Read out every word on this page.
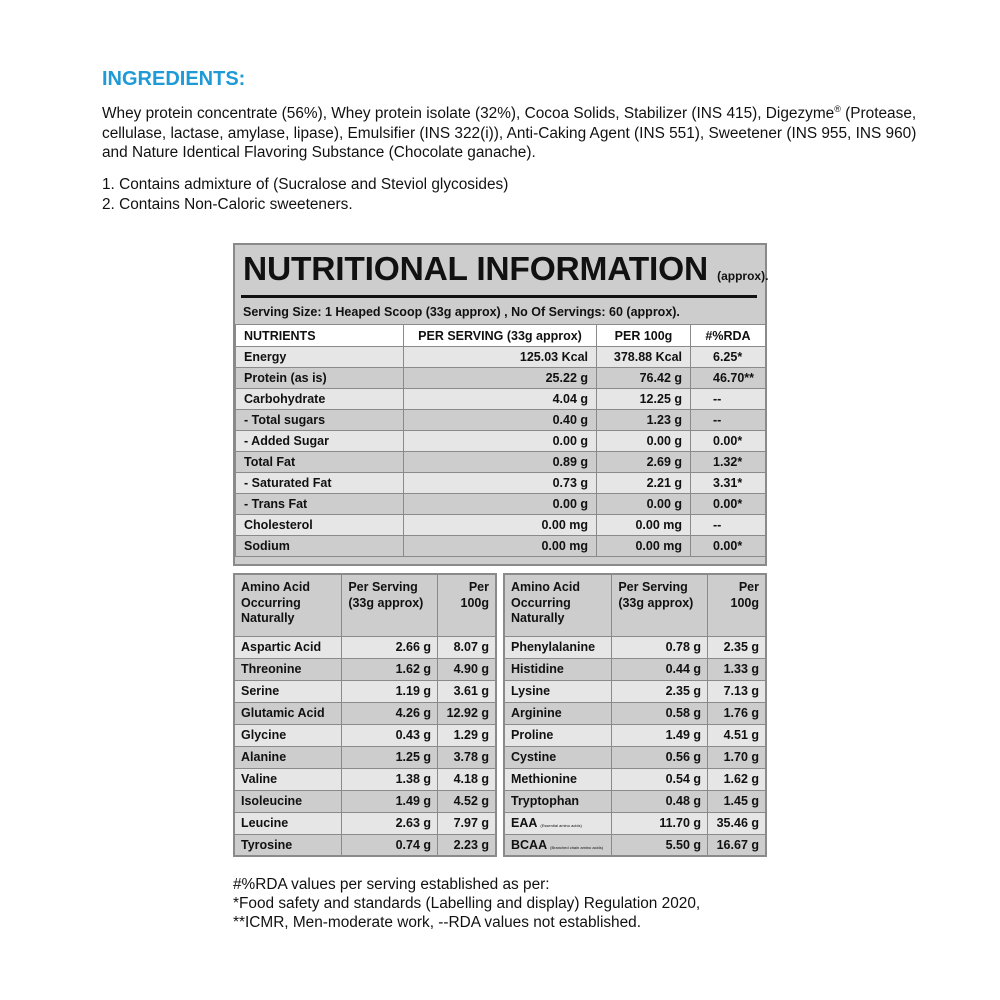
INGREDIENTS:

Whey protein concentrate (56%), Whey protein isolate (32%), Cocoa Solids, Stabilizer (INS 415), Digezyme® (Protease, cellulase, lactase, amylase, lipase), Emulsifier (INS 322(i)), Anti-Caking Agent (INS 551), Sweetener (INS 955, INS 960) and Nature Identical Flavoring Substance (Chocolate ganache).

1. Contains admixture of (Sucralose and Steviol glycosides)
2. Contains Non-Caloric sweeteners.
NUTRITIONAL INFORMATION (approx).
Serving Size: 1 Heaped Scoop (33g approx) , No Of Servings: 60 (approx).
NUTRIENTS	PER SERVING (33g approx)	PER 100g	#%RDA
Energy	125.03 Kcal	378.88 Kcal	6.25*
Protein (as is)	25.22 g	76.42 g	46.70**
Carbohydrate	4.04 g	12.25 g	--
- Total sugars	0.40 g	1.23 g	--
- Added Sugar	0.00 g	0.00 g	0.00*
Total Fat	0.89 g	2.69 g	1.32*
- Saturated Fat	0.73 g	2.21 g	3.31*
- Trans Fat	0.00 g	0.00 g	0.00*
Cholesterol	0.00 mg	0.00 mg	--
Sodium	0.00 mg	0.00 mg	0.00*
Amino Acid Occurring Naturally	Per Serving (33g approx)	Per 100g
Aspartic Acid	2.66 g	8.07 g
Threonine	1.62 g	4.90 g
Serine	1.19 g	3.61 g
Glutamic Acid	4.26 g	12.92 g
Glycine	0.43 g	1.29 g
Alanine	1.25 g	3.78 g
Valine	1.38 g	4.18 g
Isoleucine	1.49 g	4.52 g
Leucine	2.63 g	7.97 g
Tyrosine	0.74 g	2.23 g
Amino Acid Occurring Naturally	Per Serving (33g approx)	Per 100g
Phenylalanine	0.78 g	2.35 g
Histidine	0.44 g	1.33 g
Lysine	2.35 g	7.13 g
Arginine	0.58 g	1.76 g
Proline	1.49 g	4.51 g
Cystine	0.56 g	1.70 g
Methionine	0.54 g	1.62 g
Tryptophan	0.48 g	1.45 g
EAA (Essential amino acids)	11.70 g	35.46 g
BCAA (Branched chain amino acids)	5.50 g	16.67 g
#%RDA values per serving established as per:
*Food safety and standards (Labelling and display) Regulation 2020,
**ICMR, Men-moderate work, --RDA values not established.
